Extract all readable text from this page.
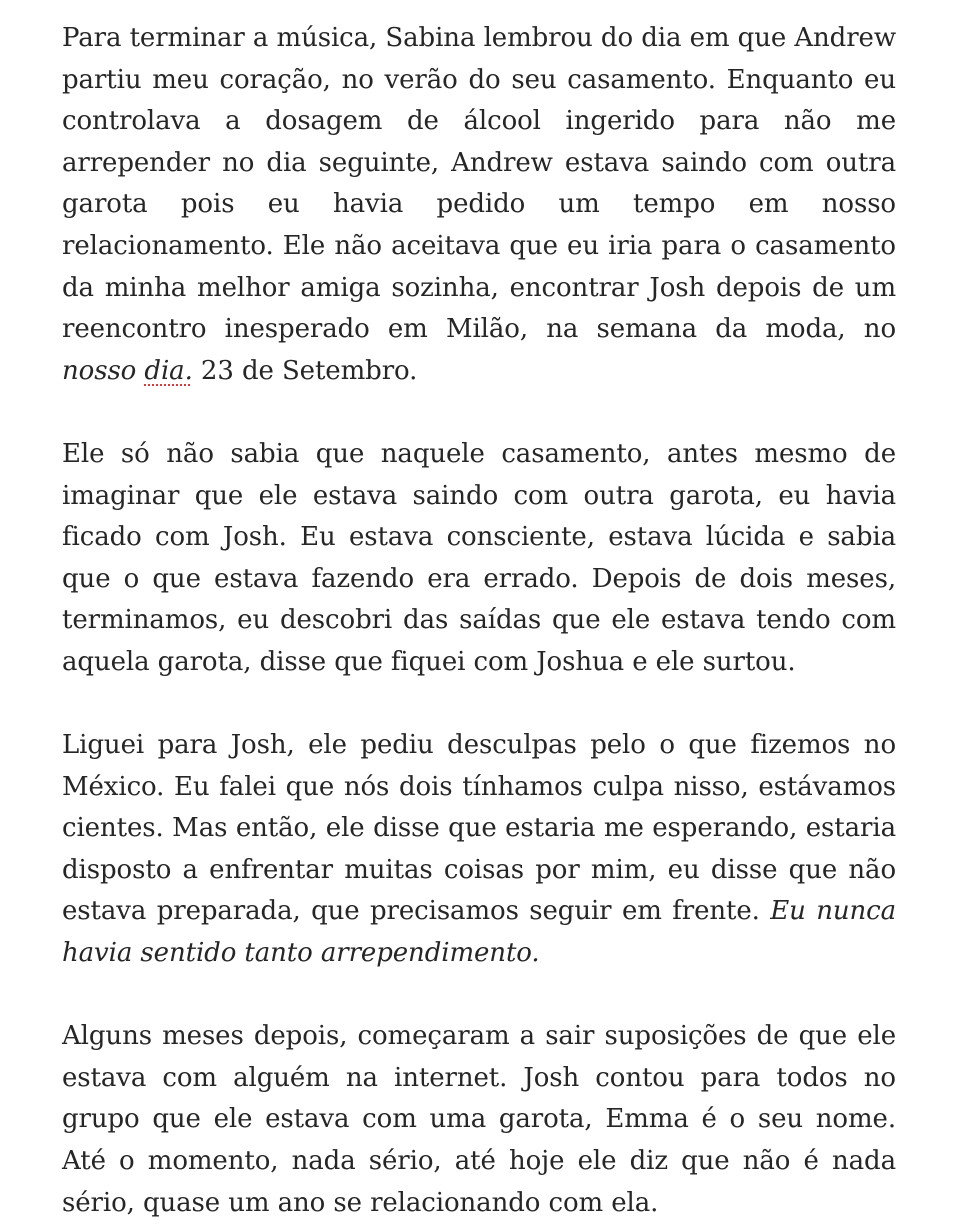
Para terminar a música, Sabina lembrou do dia em que Andrew partiu meu coração, no verão do seu casamento. Enquanto eu controlava a dosagem de álcool ingerido para não me arrepender no dia seguinte, Andrew estava saindo com outra garota pois eu havia pedido um tempo em nosso relacionamento. Ele não aceitava que eu iria para o casamento da minha melhor amiga sozinha, encontrar Josh depois de um reencontro inesperado em Milão, na semana da moda, no nosso dia. 23 de Setembro.

Ele só não sabia que naquele casamento, antes mesmo de imaginar que ele estava saindo com outra garota, eu havia ficado com Josh. Eu estava consciente, estava lúcida e sabia que o que estava fazendo era errado. Depois de dois meses, terminamos, eu descobri das saídas que ele estava tendo com aquela garota, disse que fiquei com Joshua e ele surtou.

Liguei para Josh, ele pediu desculpas pelo o que fizemos no México. Eu falei que nós dois tínhamos culpa nisso, estávamos cientes. Mas então, ele disse que estaria me esperando, estaria disposto a enfrentar muitas coisas por mim, eu disse que não estava preparada, que precisamos seguir em frente. Eu nunca havia sentido tanto arrependimento.

Alguns meses depois, começaram a sair suposições de que ele estava com alguém na internet. Josh contou para todos no grupo que ele estava com uma garota, Emma é o seu nome. Até o momento, nada sério, até hoje ele diz que não é nada sério, quase um ano se relacionando com ela.
